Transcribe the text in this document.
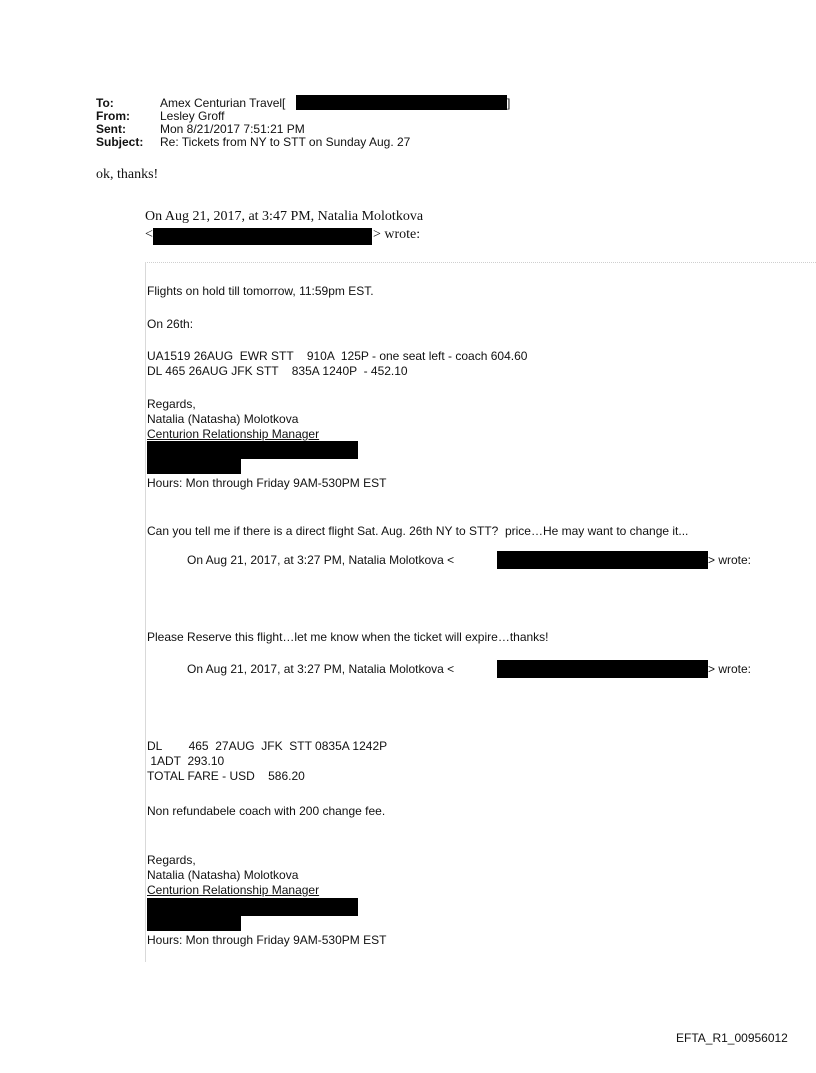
To:	Amex Centurian Travel[	]
From:	Lesley Groff
Sent:	Mon 8/21/2017 7:51:21 PM
Subject: Re: Tickets from NY to STT on Sunday Aug. 27
ok, thanks!
On Aug 21, 2017, at 3:47 PM, Natalia Molotkova
<	> wrote:
Flights on hold till tomorrow, 11:59pm EST.
On 26th:
UA1519 26AUG  EWR STT    910A  125P - one seat left - coach 604.60
DL 465 26AUG JFK STT    835A 1240P  - 452.10
Regards,
Natalia (Natasha) Molotkova
Centurion Relationship Manager
Hours: Mon through Friday 9AM-530PM EST
Can you tell me if there is a direct flight Sat. Aug. 26th NY to STT?  price…He may want to change it...
On Aug 21, 2017, at 3:27 PM, Natalia Molotkova <	> wrote:
Please Reserve this flight…let me know when the ticket will expire…thanks!
On Aug 21, 2017, at 3:27 PM, Natalia Molotkova <	> wrote:
DL        465  27AUG  JFK  STT 0835A 1242P
1ADT  293.10
TOTAL FARE - USD    586.20
Non refundabele coach with 200 change fee.
Regards,
Natalia (Natasha) Molotkova
Centurion Relationship Manager
Hours: Mon through Friday 9AM-530PM EST
EFTA_R1_00956012
